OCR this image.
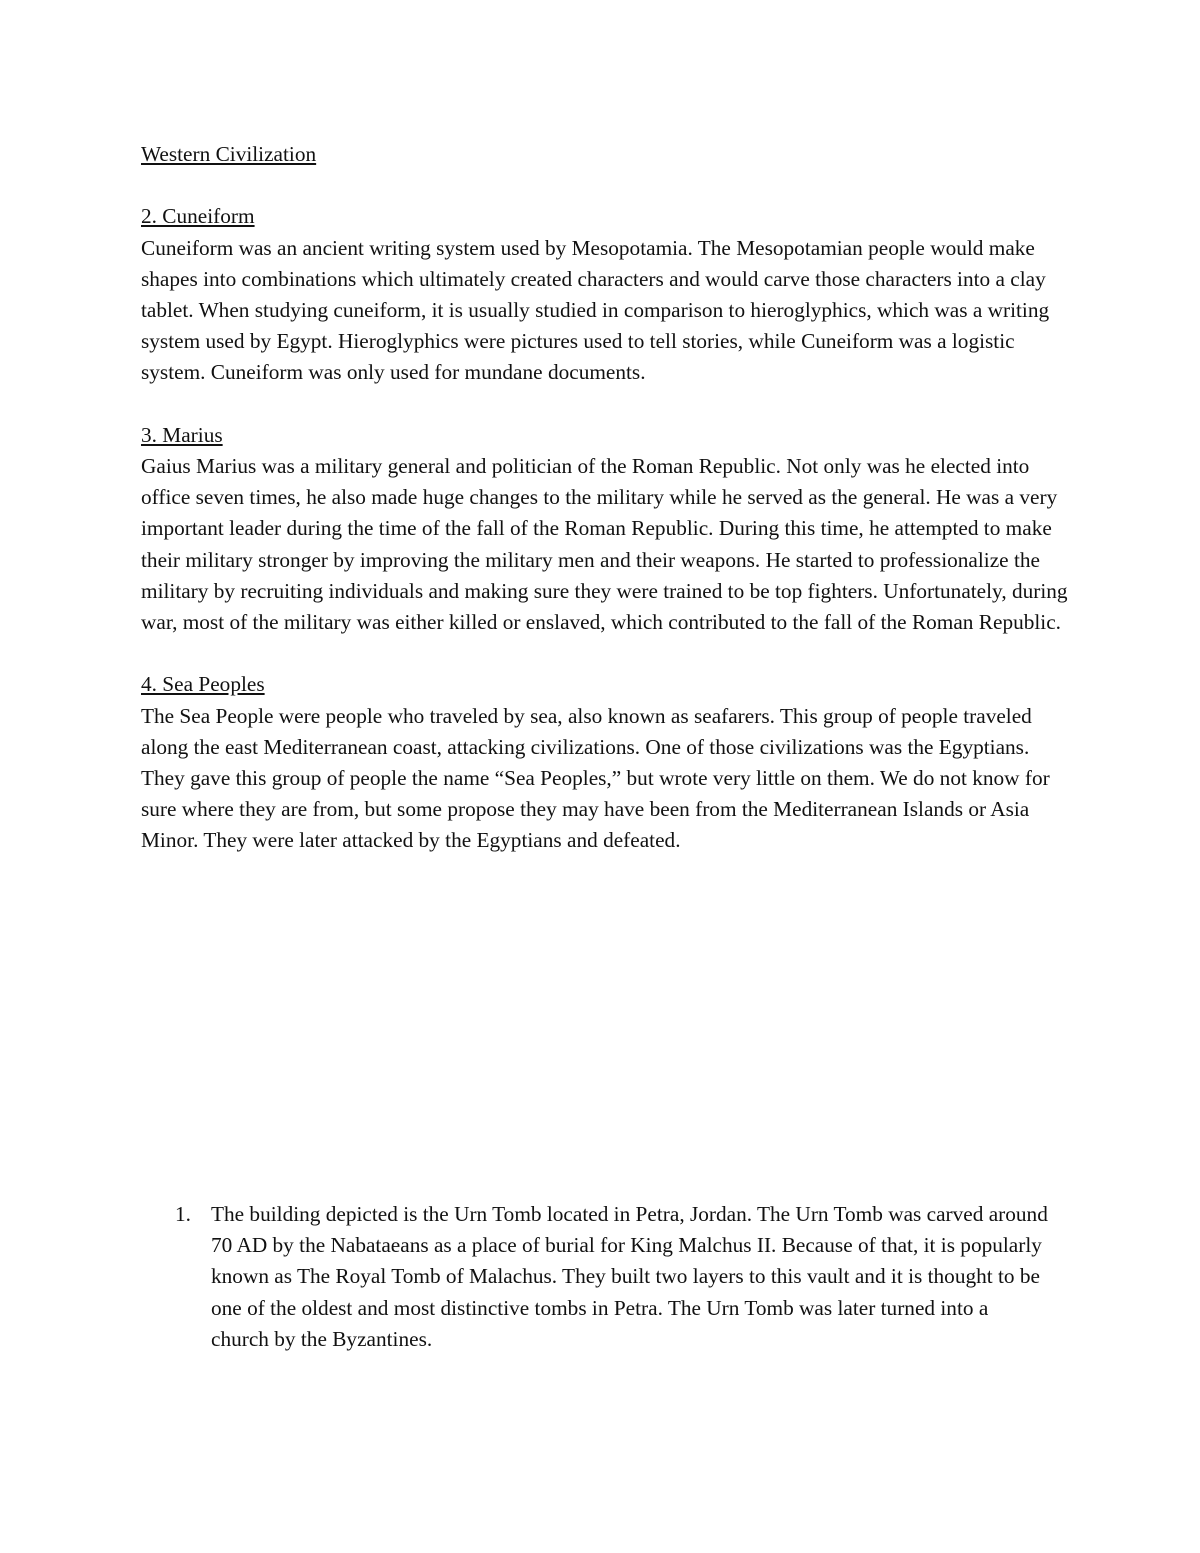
Western Civilization

2. Cuneiform

Cuneiform was an ancient writing system used by Mesopotamia. The Mesopotamian people would make shapes into combinations which ultimately created characters and would carve those characters into a clay tablet. When studying cuneiform, it is usually studied in comparison to hieroglyphics, which was a writing system used by Egypt. Hieroglyphics were pictures used to tell stories, while Cuneiform was a logistic system. Cuneiform was only used for mundane documents.

3. Marius

Gaius Marius was a military general and politician of the Roman Republic. Not only was he elected into office seven times, he also made huge changes to the military while he served as the general. He was a very important leader during the time of the fall of the Roman Republic. During this time, he attempted to make their military stronger by improving the military men and their weapons. He started to professionalize the military by recruiting individuals and making sure they were trained to be top fighters. Unfortunately, during war, most of the military was either killed or enslaved, which contributed to the fall of the Roman Republic.

4. Sea Peoples

The Sea People were people who traveled by sea, also known as seafarers. This group of people traveled along the east Mediterranean coast, attacking civilizations. One of those civilizations was the Egyptians. They gave this group of people the name “Sea Peoples,” but wrote very little on them. We do not know for sure where they are from, but some propose they may have been from the Mediterranean Islands or Asia Minor. They were later attacked by the Egyptians and defeated.

1. The building depicted is the Urn Tomb located in Petra, Jordan. The Urn Tomb was carved around 70 AD by the Nabataeans as a place of burial for King Malchus II. Because of that, it is popularly known as The Royal Tomb of Malachus. They built two layers to this vault and it is thought to be one of the oldest and most distinctive tombs in Petra. The Urn Tomb was later turned into a church by the Byzantines.
